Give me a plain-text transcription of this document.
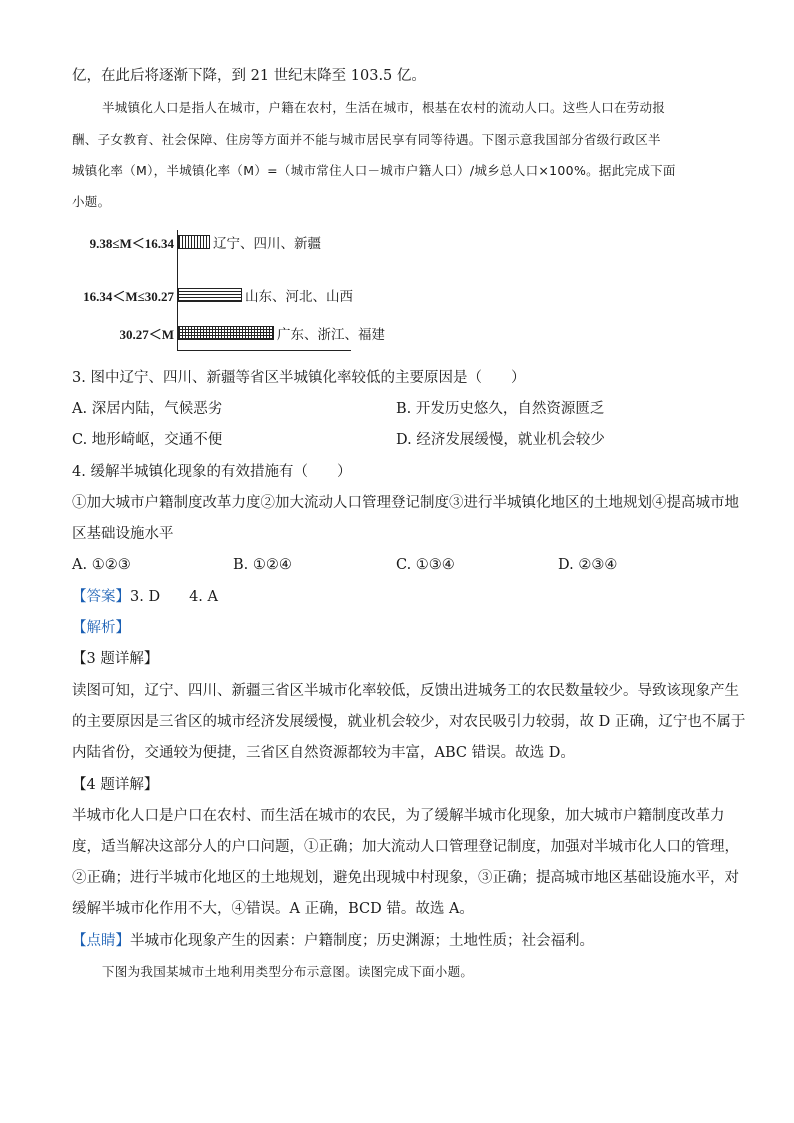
亿，在此后将逐渐下降，到 21 世纪末降至 103.5 亿。
半城镇化人口是指人在城市，户籍在农村，生活在城市，根基在农村的流动人口。这些人口在劳动报
酬、子女教育、社会保障、住房等方面并不能与城市居民享有同等待遇。下图示意我国部分省级行政区半
城镇化率（M），半城镇化率（M）=（城市常住人口－城市户籍人口）/城乡总人口×100%。据此完成下面
小题。
9.38≤M＜16.34	辽宁、四川、新疆
16.34＜M≤30.27	山东、河北、山西
30.27＜M	广东、浙江、福建
3. 图中辽宁、四川、新疆等省区半城镇化率较低的主要原因是（　　）
A. 深居内陆，气候恶劣	B. 开发历史悠久，自然资源匮乏
C. 地形崎岖，交通不便	D. 经济发展缓慢，就业机会较少
4. 缓解半城镇化现象的有效措施有（　　）
①加大城市户籍制度改革力度②加大流动人口管理登记制度③进行半城镇化地区的土地规划④提高城市地
区基础设施水平
A. ①②③	B. ①②④	C. ①③④	D. ②③④
【答案】3. D　　4. A
【解析】
【3 题详解】
读图可知，辽宁、四川、新疆三省区半城市化率较低，反馈出进城务工的农民数量较少。导致该现象产生
的主要原因是三省区的城市经济发展缓慢，就业机会较少，对农民吸引力较弱，故 D 正确，辽宁也不属于
内陆省份，交通较为便捷，三省区自然资源都较为丰富，ABC 错误。故选 D。
【4 题详解】
半城市化人口是户口在农村、而生活在城市的农民，为了缓解半城市化现象，加大城市户籍制度改革力
度，适当解决这部分人的户口问题，①正确；加大流动人口管理登记制度，加强对半城市化人口的管理，
②正确；进行半城市化地区的土地规划，避免出现城中村现象，③正确；提高城市地区基础设施水平，对
缓解半城市化作用不大，④错误。A 正确，BCD 错。故选 A。
【点睛】半城市化现象产生的因素：户籍制度；历史渊源；土地性质；社会福利。
下图为我国某城市土地利用类型分布示意图。读图完成下面小题。
